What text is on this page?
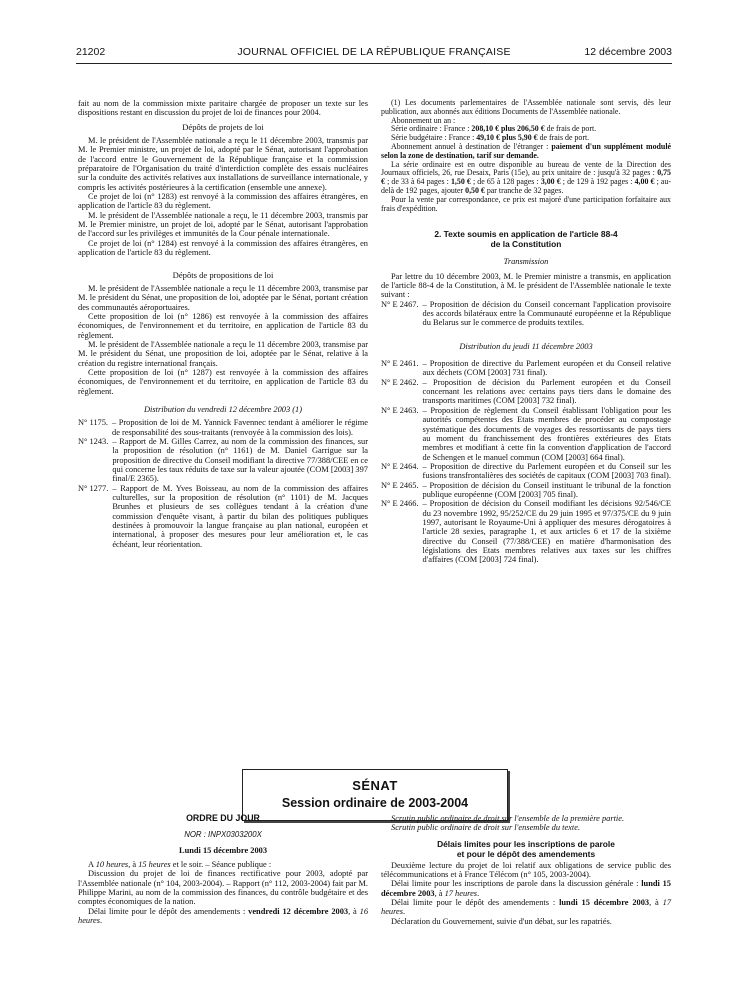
21202	JOURNAL OFFICIEL DE LA RÉPUBLIQUE FRANÇAISE	12 décembre 2003

fait au nom de la commission mixte paritaire chargée de proposer un texte sur les dispositions restant en discussion du projet de loi de finances pour 2004.

Dépôts de projets de loi

M. le président de l'Assemblée nationale a reçu le 11 décembre 2003, transmis par M. le Premier ministre, un projet de loi, adopté par le Sénat, autorisant l'approbation de l'accord entre le Gouvernement de la République française et la commission préparatoire de l'Organisation du traité d'interdiction complète des essais nucléaires sur la conduite des activités relatives aux installations de surveillance internationale, y compris les activités postérieures à la certification (ensemble une annexe).

Ce projet de loi (n° 1283) est renvoyé à la commission des affaires étrangères, en application de l'article 83 du règlement.

M. le président de l'Assemblée nationale a reçu, le 11 décembre 2003, transmis par M. le Premier ministre, un projet de loi, adopté par le Sénat, autorisant l'approbation de l'accord sur les privilèges et immunités de la Cour pénale internationale.

Ce projet de loi (n° 1284) est renvoyé à la commission des affaires étrangères, en application de l'article 83 du règlement.

Dépôts de propositions de loi

M. le président de l'Assemblée nationale a reçu le 11 décembre 2003, transmise par M. le président du Sénat, une proposition de loi, adoptée par le Sénat, portant création des communautés aéroportuaires.

Cette proposition de loi (n° 1286) est renvoyée à la commission des affaires économiques, de l'environnement et du territoire, en application de l'article 83 du règlement.

M. le président de l'Assemblée nationale a reçu le 11 décembre 2003, transmise par M. le président du Sénat, une proposition de loi, adoptée par le Sénat, relative à la création du registre international français.

Cette proposition de loi (n° 1287) est renvoyée à la commission des affaires économiques, de l'environnement et du territoire, en application de l'article 83 du règlement.

Distribution du vendredi 12 décembre 2003 (1)
N° 1175. – Proposition de loi de M. Yannick Favennec tendant à améliorer le régime de responsabilité des sous-traitants (renvoyée à la commission des lois).
N° 1243. – Rapport de M. Gilles Carrez, au nom de la commission des finances, sur la proposition de résolution (n° 1161) de M. Daniel Garrigue sur la proposition de directive du Conseil modifiant la directive 77/388/CEE en ce qui concerne les taux réduits de taxe sur la valeur ajoutée (COM [2003] 397 final/E 2365).
N° 1277. – Rapport de M. Yves Boisseau, au nom de la commission des affaires culturelles, sur la proposition de résolution (n° 1101) de M. Jacques Brunhes et plusieurs de ses collègues tendant à la création d'une commission d'enquête visant, à partir du bilan des politiques publiques destinées à promouvoir la langue française au plan national, européen et international, à proposer des mesures pour leur amélioration et, le cas échéant, leur réorientation.

(1) Les documents parlementaires de l'Assemblée nationale sont servis, dès leur publication, aux abonnés aux éditions Documents de l'Assemblée nationale.

Abonnement un an :

Série ordinaire : France : 208,10 € plus 206,50 € de frais de port.

Série budgétaire : France : 49,10 € plus 5,90 € de frais de port.

Abonnement annuel à destination de l'étranger : paiement d'un supplément modulé selon la zone de destination, tarif sur demande.

La série ordinaire est en outre disponible au bureau de vente de la Direction des Journaux officiels, 26, rue Desaix, Paris (15e), au prix unitaire de : jusqu'à 32 pages : 0,75 € ; de 33 à 64 pages : 1,50 € ; de 65 à 128 pages : 3,00 € ; de 129 à 192 pages : 4,00 € ; au-delà de 192 pages, ajouter 0,50 € par tranche de 32 pages.

Pour la vente par correspondance, ce prix est majoré d'une participation forfaitaire aux frais d'expédition.

2. Texte soumis en application de l'article 88-4
de la Constitution
Transmission

Par lettre du 10 décembre 2003, M. le Premier ministre a transmis, en application de l'article 88-4 de la Constitution, à M. le président de l'Assemblée nationale le texte suivant :

N° E 2467. – Proposition de décision du Conseil concernant l'application provisoire des accords bilatéraux entre la Communauté européenne et la République du Belarus sur le commerce de produits textiles.
Distribution du jeudi 11 décembre 2003
N° E 2461. – Proposition de directive du Parlement européen et du Conseil relative aux déchets (COM [2003] 731 final).
N° E 2462. – Proposition de décision du Parlement européen et du Conseil concernant les relations avec certains pays tiers dans le domaine des transports maritimes (COM [2003] 732 final).
N° E 2463. – Proposition de règlement du Conseil établissant l'obligation pour les autorités compétentes des Etats membres de procéder au compostage systématique des documents de voyages des ressortissants de pays tiers au moment du franchissement des frontières extérieures des Etats membres et modifiant à cette fin la convention d'application de l'accord de Schengen et le manuel commun (COM [2003] 664 final).
N° E 2464. – Proposition de directive du Parlement européen et du Conseil sur les fusions transfrontalières des sociétés de capitaux (COM [2003] 703 final).
N° E 2465. – Proposition de décision du Conseil instituant le tribunal de la fonction publique européenne (COM [2003] 705 final).
N° E 2466. – Proposition de décision du Conseil modifiant les décisions 92/546/CE du 23 novembre 1992, 95/252/CE du 29 juin 1995 et 97/375/CE du 9 juin 1997, autorisant le Royaume-Uni à appliquer des mesures dérogatoires à l'article 28 sexies, paragraphe 1, et aux articles 6 et 17 de la sixième directive du Conseil (77/388/CEE) en matière d'harmonisation des législations des Etats membres relatives aux taxes sur les chiffres d'affaires (COM [2003] 724 final).
SÉNAT
Session ordinaire de 2003-2004
ORDRE DU JOUR
NOR : INPX0303200X
Lundi 15 décembre 2003

A 10 heures, à 15 heures et le soir. – Séance publique :

Discussion du projet de loi de finances rectificative pour 2003, adopté par l'Assemblée nationale (n° 104, 2003-2004). – Rapport (n° 112, 2003-2004) fait par M. Philippe Marini, au nom de la commission des finances, du contrôle budgétaire et des comptes économiques de la nation.

Délai limite pour le dépôt des amendements : vendredi 12 décembre 2003, à 16 heures.

Scrutin public ordinaire de droit sur l'ensemble de la première partie.

Scrutin public ordinaire de droit sur l'ensemble du texte.

Délais limites pour les inscriptions de parole
et pour le dépôt des amendements

Deuxième lecture du projet de loi relatif aux obligations de service public des télécommunications et à France Télécom (n° 105, 2003-2004).

Délai limite pour les inscriptions de parole dans la discussion générale : lundi 15 décembre 2003, à 17 heures.

Délai limite pour le dépôt des amendements : lundi 15 décembre 2003, à 17 heures.

Déclaration du Gouvernement, suivie d'un débat, sur les rapatriés.
